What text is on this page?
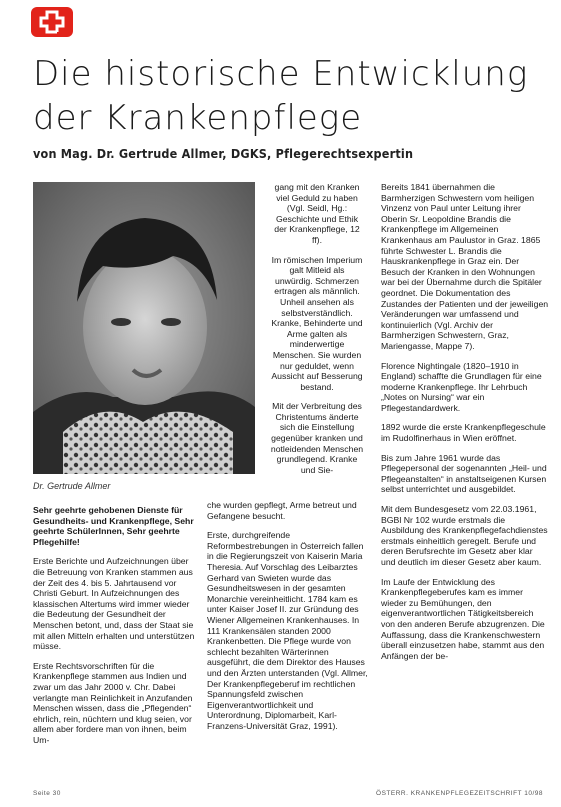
Die historische Entwicklung
der Krankenpflege
von Mag. Dr. Gertrude Allmer, DGKS, Pflegerechtsexpertin
Dr. Gertrude Allmer

gang mit den Kranken viel Geduld zu haben (Vgl. Seidl, Hg.: Geschichte und Ethik der Krankenpflege, 12 ff).

Im römischen Imperium galt Mitleid als unwürdig. Schmerzen ertragen als männlich. Unheil ansehen als selbstverständlich. Kranke, Behinderte und Arme galten als minderwertige Menschen. Sie wurden nur geduldet, wenn Aussicht auf Besserung bestand.

Mit der Verbreitung des Christentums änderte sich die Einstellung gegenüber kranken und notleidenden Menschen grundlegend. Kranke und Sie-

Sehr geehrte gehobenen Dienste für Gesundheits- und Krankenpflege, Sehr geehrte SchülerInnen, Sehr geehrte Pflegehilfe!

Erste Berichte und Aufzeichnungen über die Betreuung von Kranken stammen aus der Zeit des 4. bis 5. Jahrtausend vor Christi Geburt. In Aufzeichnungen des klassischen Altertums wird immer wieder die Bedeutung der Gesundheit der Menschen betont, und, dass der Staat sie mit allen Mitteln erhalten und unterstützen müsse.

Erste Rechtsvorschriften für die Krankenpflege stammen aus Indien und zwar um das Jahr 2000 v. Chr. Dabei verlangte man Reinlichkeit in Anzufanden Menschen wissen, dass die „Pflegenden“ ehrlich, rein, nüchtern und klug seien, vor allem aber fordere man von ihnen, beim Um-

che wurden gepflegt, Arme betreut und Gefangene besucht.

Erste, durchgreifende Reformbestrebungen in Österreich fallen in die Regierungszeit von Kaiserin Maria Theresia. Auf Vorschlag des Leibarztes Gerhard van Swieten wurde das Gesundheitswesen in der gesamten Monarchie vereinheitlicht. 1784 kam es unter Kaiser Josef II. zur Gründung des Wiener Allgemeinen Krankenhauses. In 111 Krankensälen standen 2000 Krankenbetten. Die Pflege wurde von schlecht bezahlten Wärterinnen ausgeführt, die dem Direktor des Hauses und den Ärzten unterstanden (Vgl. Allmer, Der Krankenpflegeberuf im rechtlichen Spannungsfeld zwischen Eigenverantwortlichkeit und Unterordnung, Diplomarbeit, Karl-Franzens-Universität Graz, 1991).

Bereits 1841 übernahmen die Barmherzigen Schwestern vom heiligen Vinzenz von Paul unter Leitung ihrer Oberin Sr. Leopoldine Brandis die Krankenpflege im Allgemeinen Krankenhaus am Paulustor in Graz. 1865 führte Schwester L. Brandis die Hauskrankenpflege in Graz ein. Der Besuch der Kranken in den Wohnungen war bei der Übernahme durch die Spitäler geordnet. Die Dokumentation des Zustandes der Patienten und der jeweiligen Veränderungen war umfassend und kontinuierlich (Vgl. Archiv der Barmherzigen Schwestern, Graz, Mariengasse, Mappe 7).

Florence Nightingale (1820–1910 in England) schaffte die Grundlagen für eine moderne Krankenpflege. Ihr Lehrbuch „Notes on Nursing“ war ein Pflegestandardwerk.

1892 wurde die erste Krankenpflegeschule im Rudolfinerhaus in Wien eröffnet.

Bis zum Jahre 1961 wurde das Pflegepersonal der sogenannten „Heil- und Pflegeanstalten“ in anstaltseigenen Kursen selbst unterrichtet und ausgebildet.

Mit dem Bundesgesetz vom 22.03.1961, BGBl Nr 102 wurde erstmals die Ausbildung des Krankenpflegefachdienstes erstmals einheitlich geregelt. Berufe und deren Berufsrechte im Gesetz aber klar und deutlich im dieser Gesetz aber kaum.

Im Laufe der Entwicklung des Krankenpflegeberufes kam es immer wieder zu Bemühungen, den eigenverantwortlichen Tätigkeitsbereich von den anderen Berufe abzugrenzen. Die Auffassung, dass die Krankenschwestern überall einzusetzen habe, stammt aus den Anfängen der be-

Seite 30	ÖSTERR. KRANKENPFLEGEZEITSCHRIFT 10/98
